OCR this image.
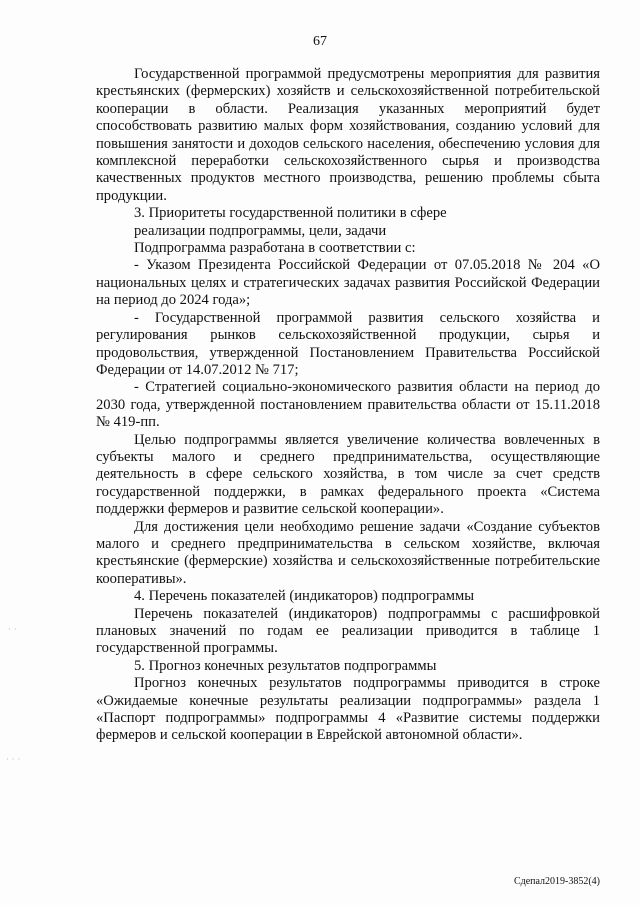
67

Государственной программой предусмотрены мероприятия для развития крестьянских (фермерских) хозяйств и сельскохозяйственной потребительской кооперации в области. Реализация указанных мероприятий будет способствовать развитию малых форм хозяйствования, созданию условий для повышения занятости и доходов сельского населения, обеспечению условия для комплексной переработки сельскохозяйственного сырья и производства качественных продуктов местного производства, решению проблемы сбыта продукции.

3. Приоритеты государственной политики в сфере

реализации подпрограммы, цели, задачи

Подпрограмма разработана в соответствии с:

- Указом Президента Российской Федерации от 07.05.2018 № 204 «О национальных целях и стратегических задачах развития Российской Федерации на период до 2024 года»;

- Государственной программой развития сельского хозяйства и регулирования рынков сельскохозяйственной продукции, сырья и продовольствия, утвержденной Постановлением Правительства Российской Федерации от 14.07.2012 № 717;

- Стратегией социально-экономического развития области на период до 2030 года, утвержденной постановлением правительства области от 15.11.2018 № 419-пп.

Целью подпрограммы является увеличение количества вовлеченных в субъекты малого и среднего предпринимательства, осуществляющие деятельность в сфере сельского хозяйства, в том числе за счет средств государственной поддержки, в рамках федерального проекта «Система поддержки фермеров и развитие сельской кооперации».

Для достижения цели необходимо решение задачи «Создание субъектов малого и среднего предпринимательства в сельском хозяйстве, включая крестьянские (фермерские) хозяйства и сельскохозяйственные потребительские кооперативы».

4. Перечень показателей (индикаторов) подпрограммы

Перечень показателей (индикаторов) подпрограммы с расшифровкой плановых значений по годам ее реализации приводится в таблице 1 государственной программы.

5. Прогноз конечных результатов подпрограммы

Прогноз конечных результатов подпрограммы приводится в строке «Ожидаемые конечные результаты реализации подпрограммы» раздела 1 «Паспорт подпрограммы» подпрограммы 4 «Развитие системы поддержки фермеров и сельской кооперации в Еврейской автономной области».

· ·
· · ·
Сдепал2019-3852(4)
